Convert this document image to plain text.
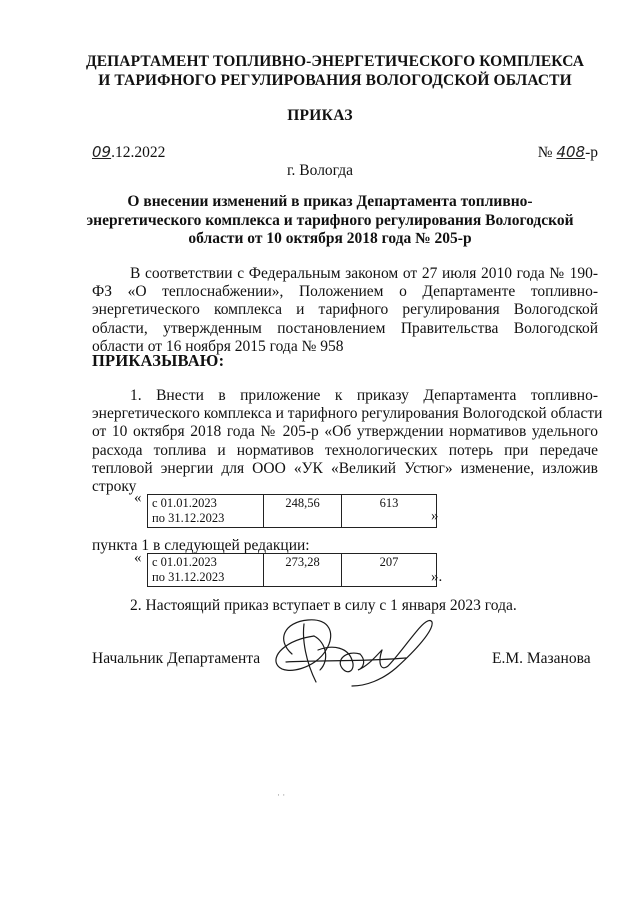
ДЕПАРТАМЕНТ ТОПЛИВНО-ЭНЕРГЕТИЧЕСКОГО КОМПЛЕКСА
И ТАРИФНОГО РЕГУЛИРОВАНИЯ ВОЛОГОДСКОЙ ОБЛАСТИ
ПРИКАЗ
09.12.2022	№ 408-р
г. Вологда
О внесении изменений в приказ Департамента топливно-
энергетического комплекса и тарифного регулирования Вологодской
области от 10 октября 2018 года № 205-р
В соответствии с Федеральным законом от 27 июля 2010 года № 190-
ФЗ «О теплоснабжении», Положением о Департаменте топливно-
энергетического комплекса и тарифного регулирования Вологодской
области, утвержденным постановлением Правительства Вологодской
области от 16 ноября 2015 года № 958
ПРИКАЗЫВАЮ:
1. Внести в приложение к приказу Департамента топливно-
энергетического комплекса и тарифного регулирования Вологодской области
от 10 октября 2018 года № 205-р «Об утверждении нормативов удельного
расхода топлива и нормативов технологических потерь при передаче
тепловой энергии для ООО «УК «Великий Устюг» изменение, изложив
строку
« с 01.01.2023
по 31.12.2023
	248,56	613
»
пункта 1 в следующей редакции:
« с 01.01.2023
по 31.12.2023
	273,28	207
».
2. Настоящий приказ вступает в силу с 1 января 2023 года.
Начальник Департамента	Е.М. Мазанова
· ·
